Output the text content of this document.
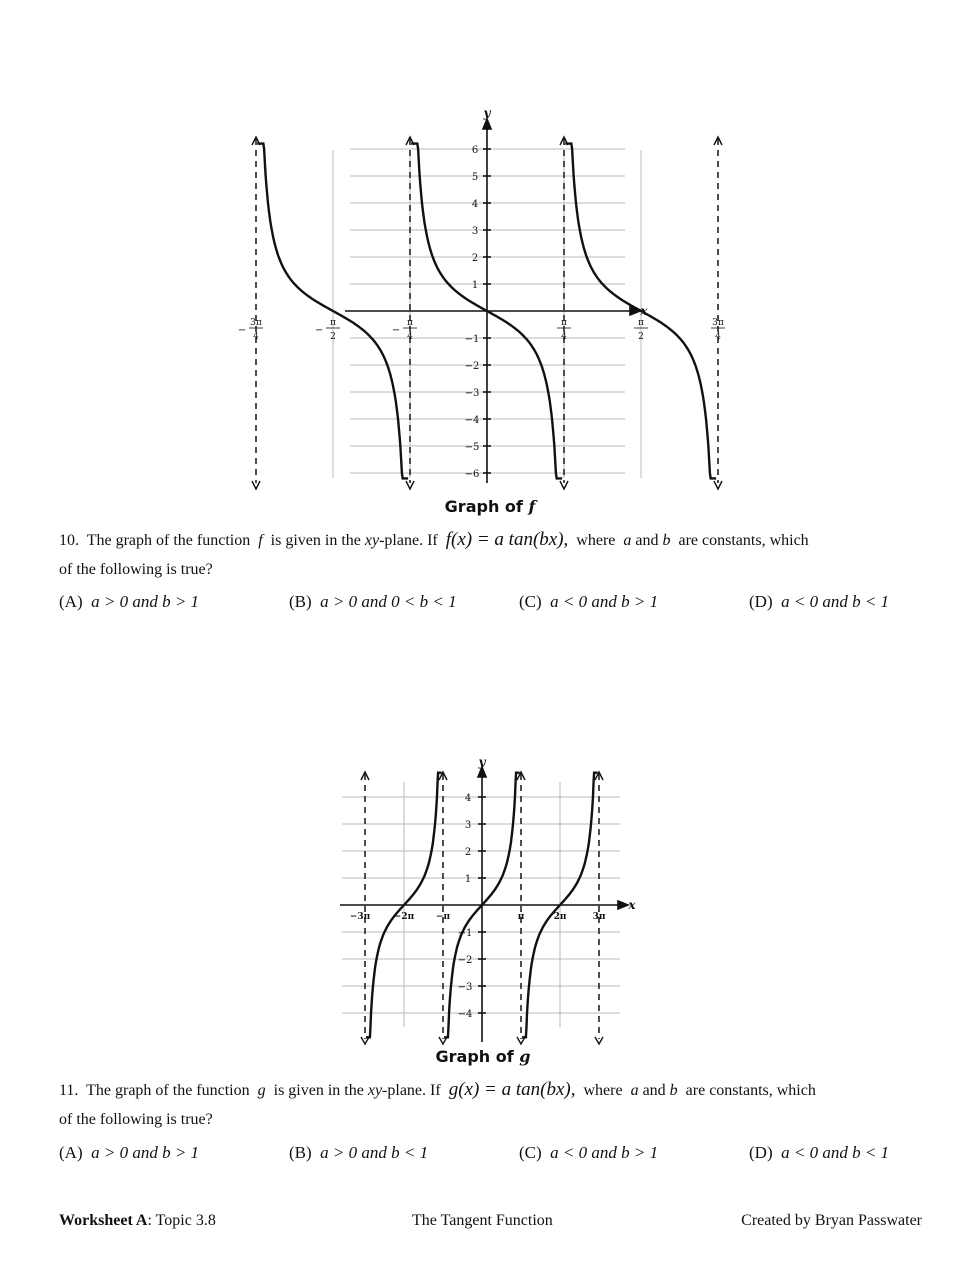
x
y
1
−1
2
−2
3
−3
4
−4
5
−5
6
−6
−
3π
4
−
π
2
−
π
4
π
4
π
2
3π
4
Graph of f
10. The graph of the function f is given in the xy-plane. If f(x) = a tan(bx), where a and b are constants, which
of the following is true?
(A) a > 0 and b > 1	(B) a > 0 and 0 < b < 1	(C) a < 0 and b > 1	(D) a < 0 and b < 1
x
y
1
−1
2
−2
3
−3
4
−4
−3π	−2π −π	π	2π	3π
Graph of g
11. The graph of the function g is given in the xy-plane. If g(x) = a tan(bx), where a and b are constants, which
of the following is true?
(A) a > 0 and b > 1	(B) a > 0 and b < 1	(C) a < 0 and b > 1	(D) a < 0 and b < 1
Worksheet A: Topic 3.8	The Tangent Function	Created by Bryan Passwater
